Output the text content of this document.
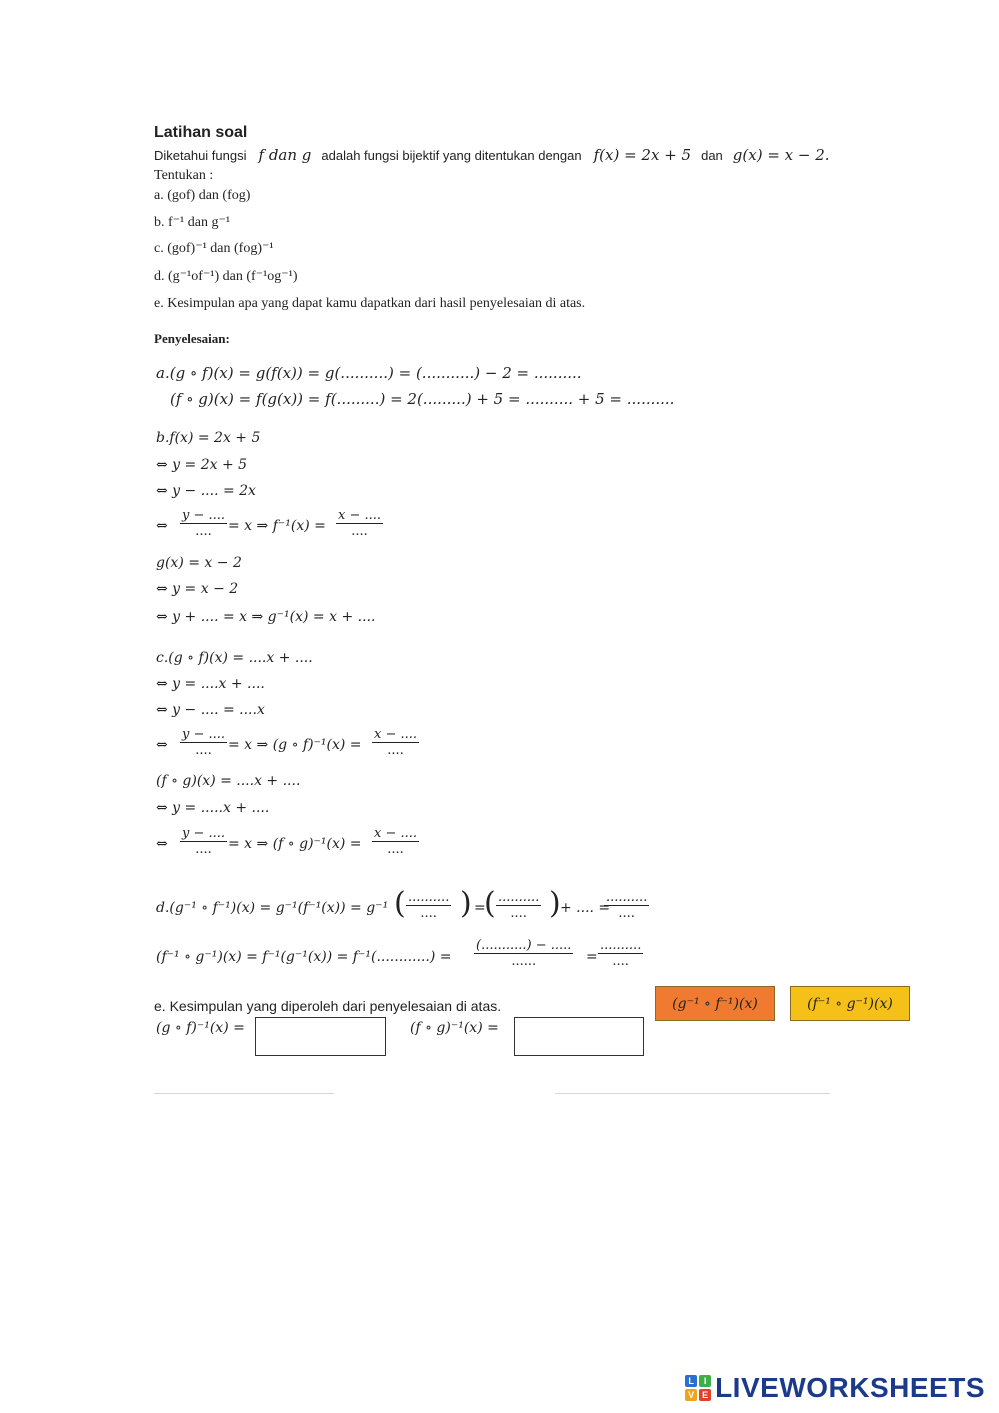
Latihan soal
Diketahui fungsi f dan g adalah fungsi bijektif yang ditentukan dengan f(x) = 2x + 5 dan g(x) = x − 2.
Tentukan :
a. (gof) dan (fog)
b. f⁻¹ dan g⁻¹
c. (gof)⁻¹ dan (fog)⁻¹
d. (g⁻¹of⁻¹) dan (f⁻¹og⁻¹)
e. Kesimpulan apa yang dapat kamu dapatkan dari hasil penyelesaian di atas.
Penyelesaian:
a.(g ∘ f)(x) = g(f(x)) = g(..........) = (...........) − 2 = ..........
(f ∘ g)(x) = f(g(x)) = f(.........) = 2(.........) + 5 = .......... + 5 = ..........
b.f(x) = 2x + 5
⇔ y = 2x + 5
⇔ y − .... = 2x
⇔
y − ....
....	= x ⇒ f⁻¹(x) =
x − ....
....
g(x) = x − 2
⇔ y = x − 2
⇔ y + .... = x ⇒ g⁻¹(x) = x + ....
c.(g ∘ f)(x) = ....x + ....
⇔ y = ....x + ....
⇔ y − .... = ....x
⇔
y − ....
....	= x ⇒ (g ∘ f)⁻¹(x) =
x − ....
....
(f ∘ g)(x) = ....x + ....
⇔ y = .....x + ....
⇔
y − ....
....	= x ⇒ (f ∘ g)⁻¹(x) =
x − ....
....
d.(g⁻¹ ∘ f⁻¹)(x) = g⁻¹(f⁻¹(x)) = g⁻¹ ( ..........
.... ) =
( ..........
.... ) + .... =
..........
....
(f⁻¹ ∘ g⁻¹)(x) = f⁻¹(g⁻¹(x)) = f⁻¹(............) =
(...........) − .....
......	=
..........
....
e. Kesimpulan yang diperoleh dari penyelesaian di atas.	(g⁻¹ ∘ f⁻¹)(x)	(f⁻¹ ∘ g⁻¹)(x)
(g ∘ f)⁻¹(x) =	(f ∘ g)⁻¹(x) =
L	I
V E LIVEWORKSHEETS
